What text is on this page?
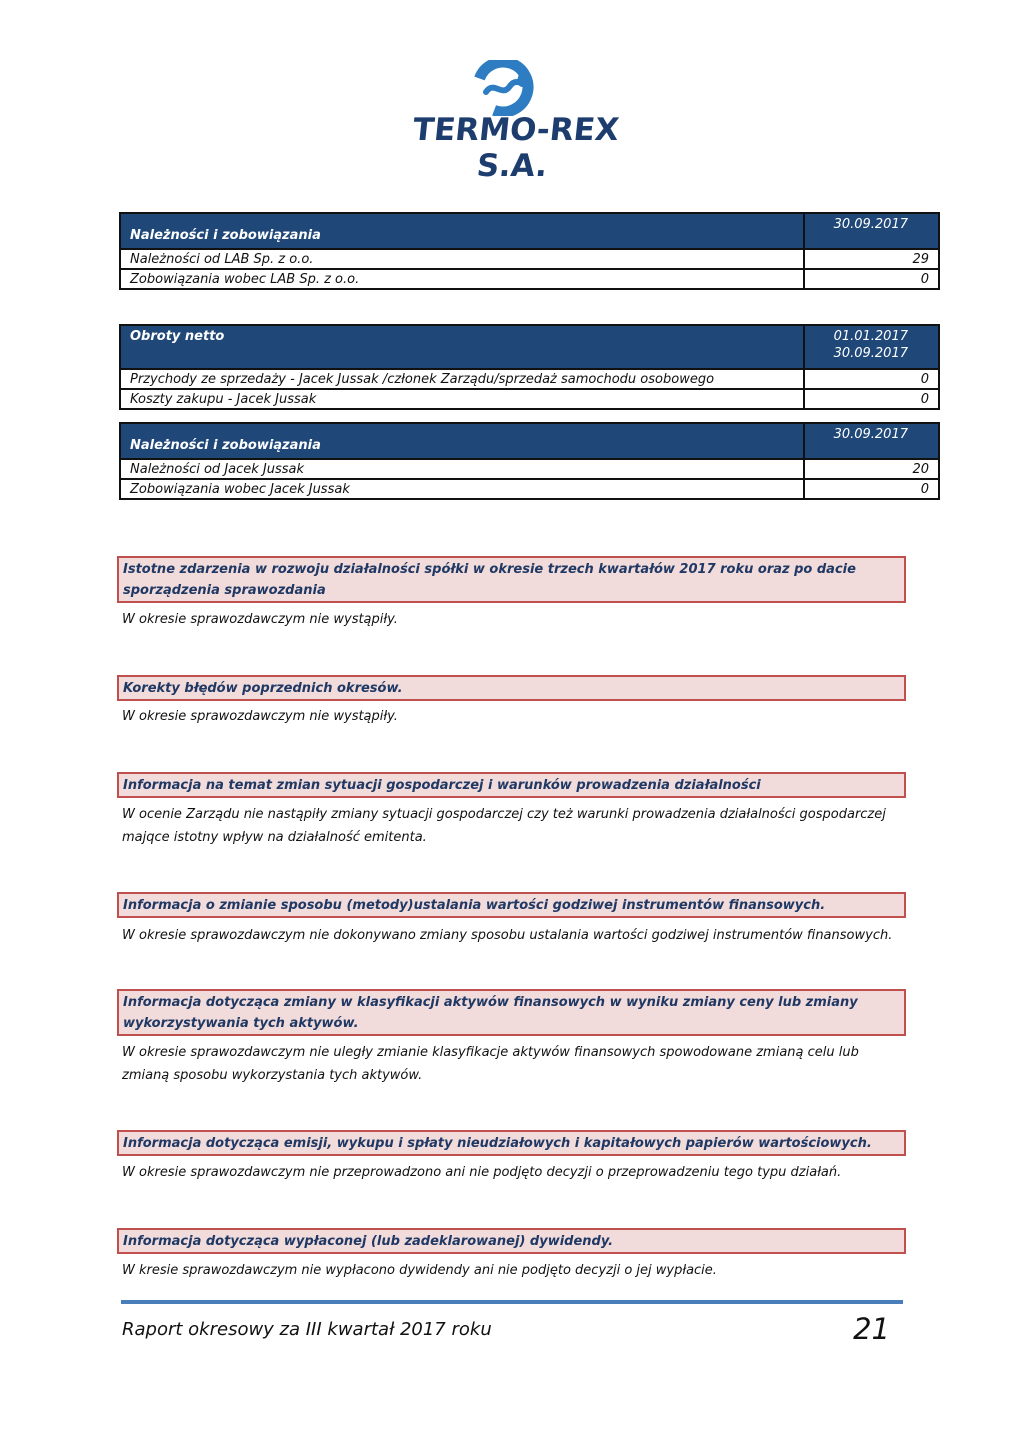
TERMO-REX S.A.
Należności i zobowiązania	30.09.2017
Należności od LAB Sp. z o.o.	29
Zobowiązania wobec LAB Sp. z o.o.	0
Obroty netto	01.01.2017
30.09.2017

Przychody ze sprzedaży - Jacek Jussak /członek Zarządu/sprzedaż samochodu osobowego	0
Koszty zakupu - Jacek Jussak	0
Należności i zobowiązania	30.09.2017
Należności od Jacek Jussak	20
Zobowiązania wobec Jacek Jussak	0
Istotne zdarzenia w rozwoju działalności spółki w okresie trzech kwartałów 2017 roku oraz po dacie sporządzenia sprawozdania
W okresie sprawozdawczym nie wystąpiły.
Korekty błędów poprzednich okresów.
W okresie sprawozdawczym nie wystąpiły.
Informacja na temat zmian sytuacji gospodarczej i warunków prowadzenia działalności
W ocenie Zarządu nie nastąpiły zmiany sytuacji gospodarczej czy też warunki prowadzenia działalności gospodarczej majqce istotny wpływ na działalność emitenta.
Informacja o zmianie sposobu (metody)ustalania wartości godziwej instrumentów finansowych.
W okresie sprawozdawczym nie dokonywano zmiany sposobu ustalania wartości godziwej instrumentów finansowych.
Informacja dotycząca zmiany w klasyfikacji aktywów finansowych w wyniku zmiany ceny lub zmiany wykorzystywania tych aktywów.
W okresie sprawozdawczym nie uległy zmianie klasyfikacje aktywów finansowych spowodowane zmianą celu lub zmianą sposobu wykorzystania tych aktywów.
Informacja dotycząca emisji, wykupu i spłaty nieudziałowych i kapitałowych papierów wartościowych.
W okresie sprawozdawczym nie przeprowadzono ani nie podjęto decyzji o przeprowadzeniu tego typu działań.
Informacja dotycząca wypłaconej (lub zadeklarowanej) dywidendy.
W kresie sprawozdawczym nie wypłacono dywidendy ani nie podjęto decyzji o jej wypłacie.
Raport okresowy za III kwartał 2017 roku	21
